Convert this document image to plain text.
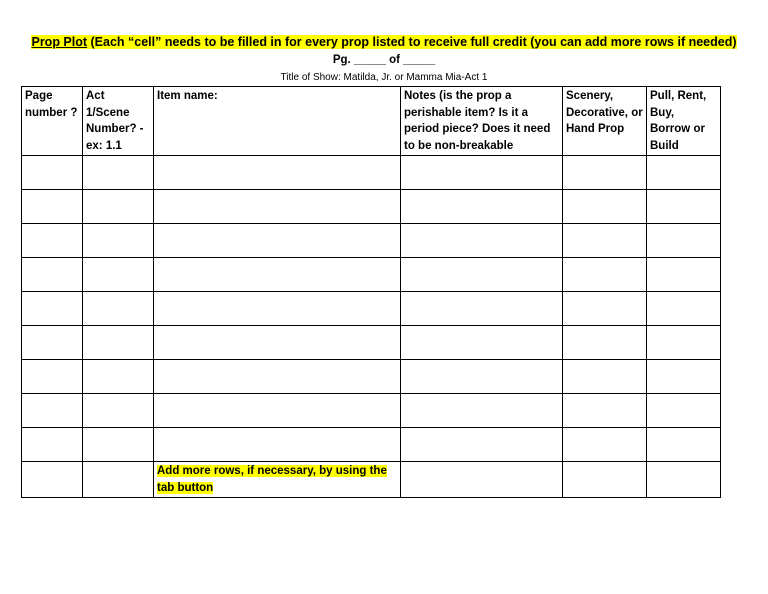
Prop Plot (Each “cell” needs to be filled in for every prop listed to receive full credit (you can add more rows if needed)
Pg. _____ of _____
Title of Show: Matilda, Jr. or Mamma Mia-Act 1
Page number ?	Act 1/Scene Number? - ex: 1.1	Item name:	Notes (is the prop a perishable item? Is it a period piece? Does it need to be non-breakable	Scenery, Decorative, or Hand Prop	Pull, Rent, Buy, Borrow or Build

		Add more rows, if necessary, by using the tab button			
